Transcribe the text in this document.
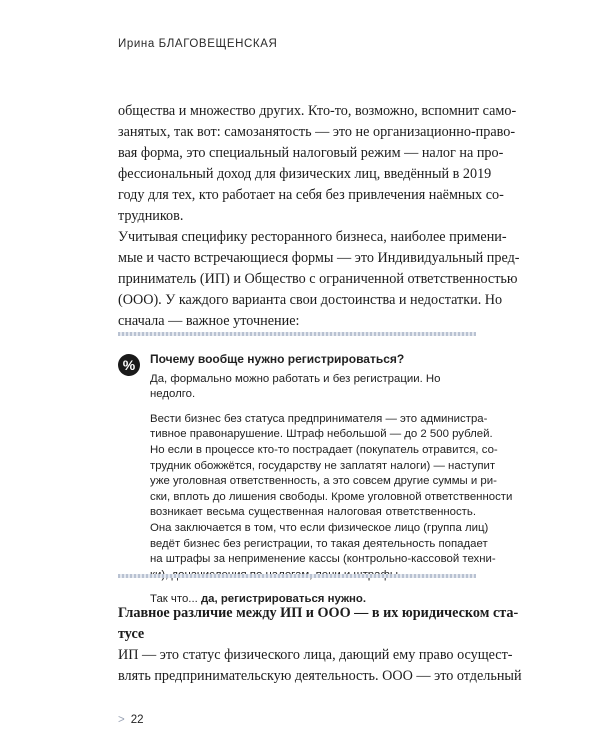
Ирина БЛАГОВЕЩЕНСКАЯ
общества и множество других. Кто-то, возможно, вспомнит само-
занятых, так вот: самозанятость — это не организационно-право-
вая форма, это специальный налоговый режим — налог на про-
фессиональный доход для физических лиц, введённый в 2019
году для тех, кто работает на себя без привлечения наёмных со-
трудников.
Учитывая специфику ресторанного бизнеса, наиболее примени-
мые и часто встречающиеся формы — это Индивидуальный пред-
приниматель (ИП) и Общество с ограниченной ответственностью
(ООО). У каждого варианта свои достоинства и недостатки. Но
сначала — важное уточнение:
%	Почему вообще нужно регистрироваться?
Да, формально можно работать и без регистрации. Но недолго.
Вести бизнес без статуса предпринимателя — это администра-
тивное правонарушение. Штраф небольшой — до 2 500 рублей.
Но если в процессе кто-то пострадает (покупатель отравится, со-
трудник обожжётся, государству не заплатят налоги) — наступит
уже уголовная ответственность, а это совсем другие суммы и ри-
ски, вплоть до лишения свободы. Кроме уголовной ответственности
возникает весьма существенная налоговая ответственность.
Она заключается в том, что если физическое лицо (группа лиц)
ведёт бизнес без регистрации, то такая деятельность попадает
на штрафы за неприменение кассы (контрольно-кассовой техни-
Так что... да, регистрироваться нужно.
Главное различие между ИП и ООО — в их юридическом ста-
тусе
ИП — это статус физического лица, дающий ему право осущест-
влять предпринимательскую деятельность. ООО — это отдельный
> 22
